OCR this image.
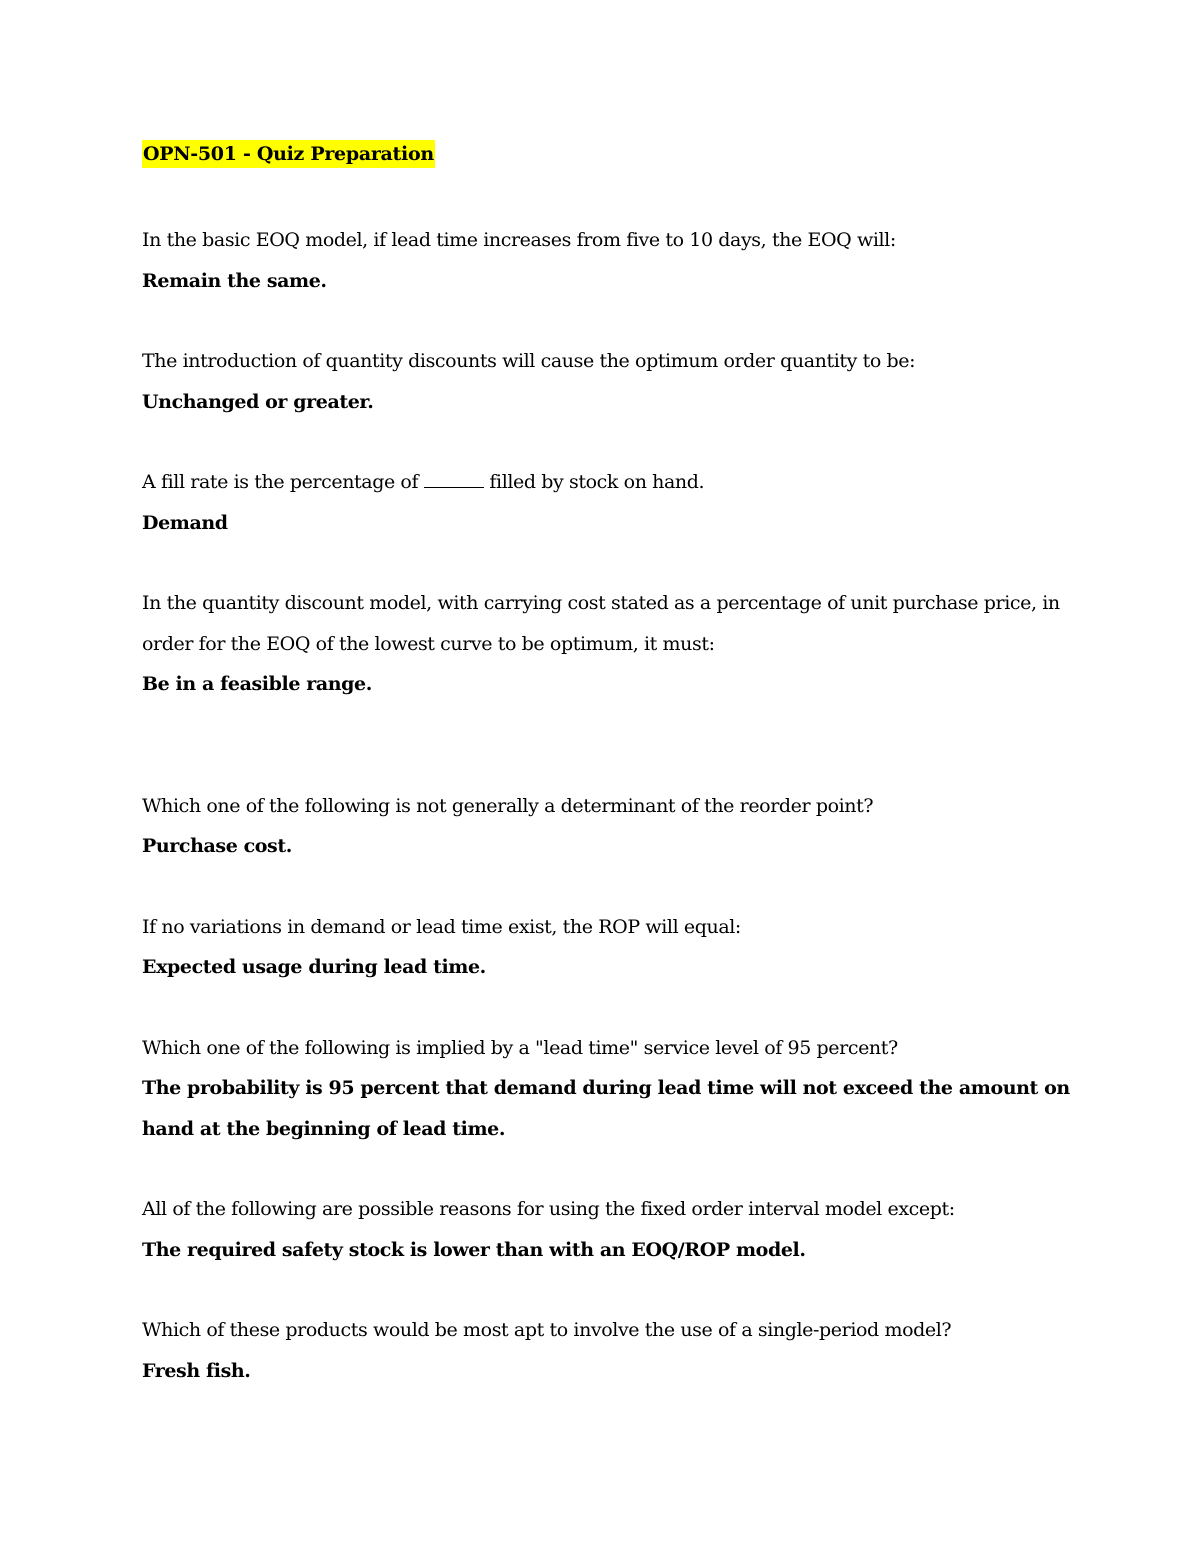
OPN-501 - Quiz Preparation

In the basic EOQ model, if lead time increases from five to 10 days, the EOQ will:

Remain the same.

The introduction of quantity discounts will cause the optimum order quantity to be:

Unchanged or greater.

A fill rate is the percentage of	filled by stock on hand.

Demand

In the quantity discount model, with carrying cost stated as a percentage of unit purchase price, in order for the EOQ of the lowest curve to be optimum, it must:

Be in a feasible range.

Which one of the following is not generally a determinant of the reorder point?

Purchase cost.

If no variations in demand or lead time exist, the ROP will equal:

Expected usage during lead time.

Which one of the following is implied by a "lead time" service level of 95 percent?

The probability is 95 percent that demand during lead time will not exceed the amount on hand at the beginning of lead time.

All of the following are possible reasons for using the fixed order interval model except:

The required safety stock is lower than with an EOQ/ROP model.

Which of these products would be most apt to involve the use of a single-period model?

Fresh fish.
